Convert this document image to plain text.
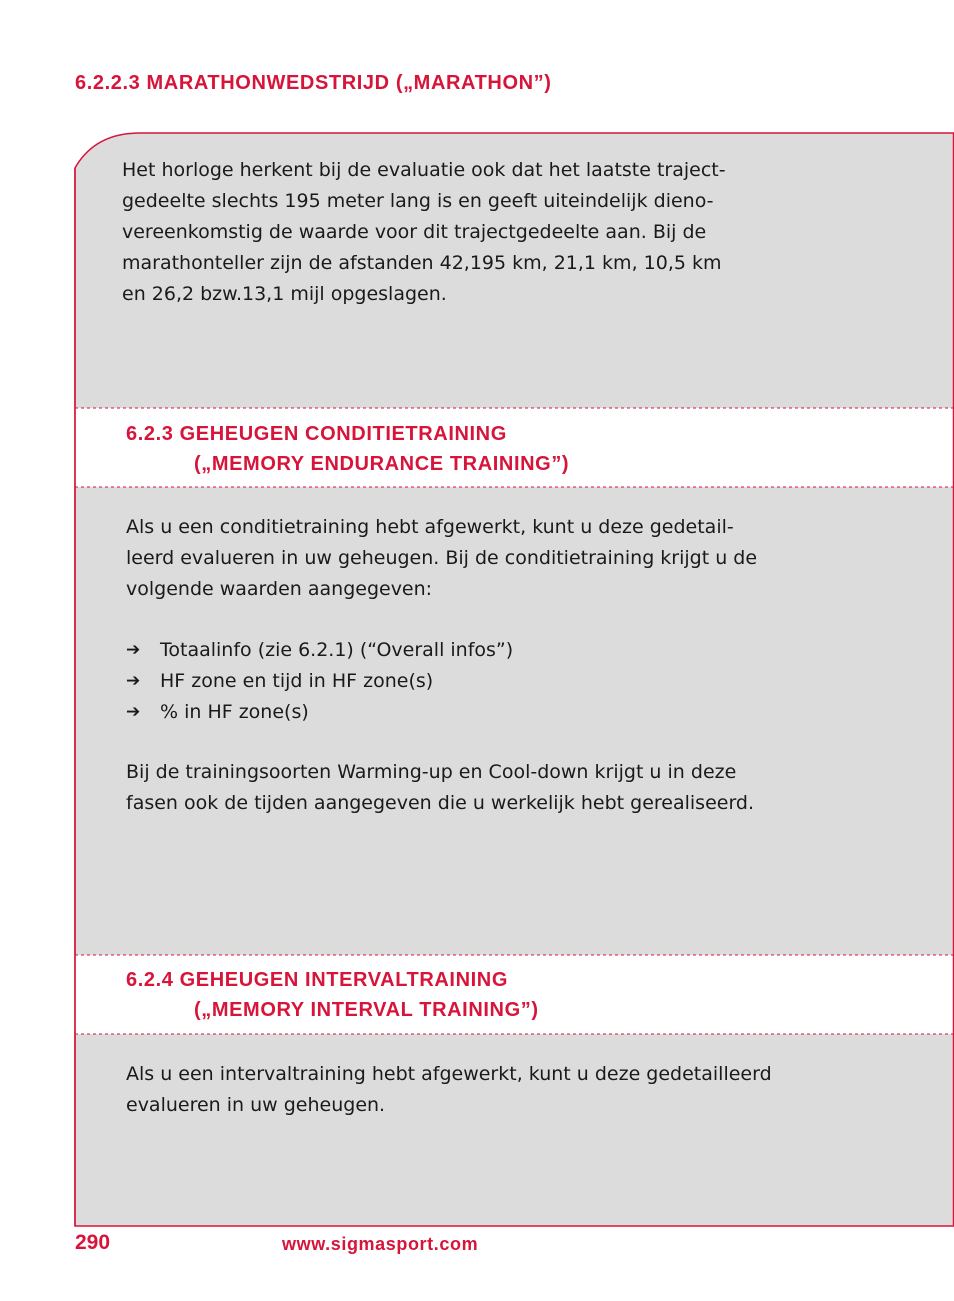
6.2.2.3 MARATHONWEDSTRIJD („MARATHON”)

Het horloge herkent bij de evaluatie ook dat het laatste traject-
gedeelte slechts 195 meter lang is en geeft uiteindelijk dieno-
vereenkomstig de waarde voor dit trajectgedeelte aan. Bij de
marathonteller zijn de afstanden 42,195 km, 21,1 km, 10,5 km
en 26,2 bzw.13,1 mijl opgeslagen.

6.2.3 GEHEUGEN CONDITIETRAINING
(„MEMORY ENDURANCE TRAINING”)

Als u een conditietraining hebt afgewerkt, kunt u deze gedetail-
leerd evalueren in uw geheugen. Bij de conditietraining krijgt u de
volgende waarden aangegeven:

➔	Totaalinfo (zie 6.2.1) (“Overall infos”)
➔	HF zone en tijd in HF zone(s)
➔	% in HF zone(s)

Bij de trainingsoorten Warming-up en Cool-down krijgt u in deze
fasen ook de tijden aangegeven die u werkelijk hebt gerealiseerd.

6.2.4 GEHEUGEN INTERVALTRAINING
(„MEMORY INTERVAL TRAINING”)

Als u een intervaltraining hebt afgewerkt, kunt u deze gedetailleerd
evalueren in uw geheugen.

290	www.sigmasport.com
